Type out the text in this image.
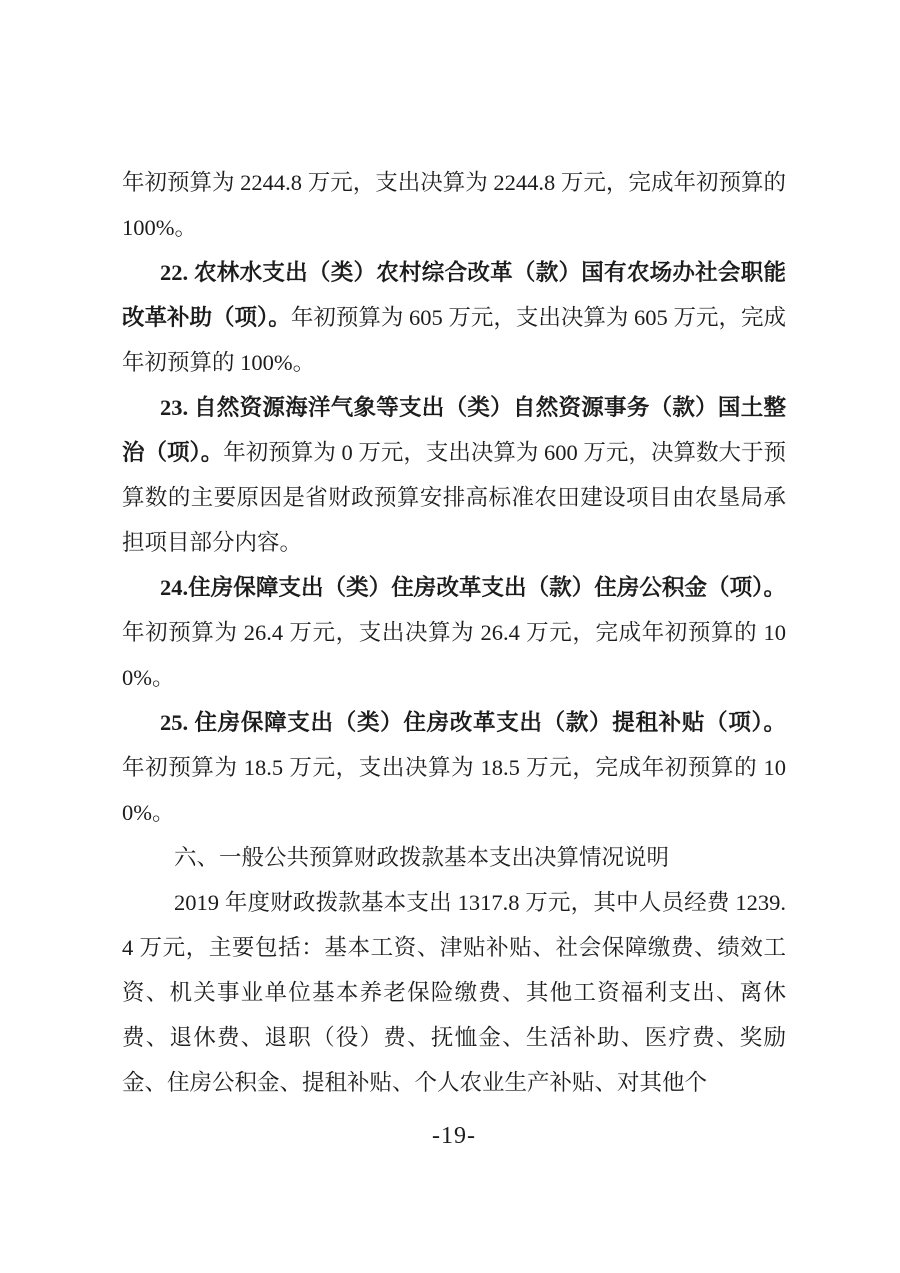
年初预算为 2244.8 万元，支出决算为 2244.8 万元，完成年初预算的 100%。

22. 农林水支出（类）农村综合改革（款）国有农场办社会职能改革补助（项）。年初预算为 605 万元，支出决算为 605 万元，完成年初预算的 100%。

23. 自然资源海洋气象等支出（类）自然资源事务（款）国土整治（项）。年初预算为 0 万元，支出决算为 600 万元，决算数大于预算数的主要原因是省财政预算安排高标准农田建设项目由农垦局承担项目部分内容。

24.住房保障支出（类）住房改革支出（款）住房公积金（项）。年初预算为 26.4 万元，支出决算为 26.4 万元，完成年初预算的 100%。

25. 住房保障支出（类）住房改革支出（款）提租补贴（项）。年初预算为 18.5 万元，支出决算为 18.5 万元，完成年初预算的 100%。

六、一般公共预算财政拨款基本支出决算情况说明

2019 年度财政拨款基本支出 1317.8 万元，其中人员经费 1239.4 万元，主要包括：基本工资、津贴补贴、社会保障缴费、绩效工资、机关事业单位基本养老保险缴费、其他工资福利支出、离休费、退休费、退职（役）费、抚恤金、生活补助、医疗费、奖励金、住房公积金、提租补贴、个人农业生产补贴、对其他个

-19-
